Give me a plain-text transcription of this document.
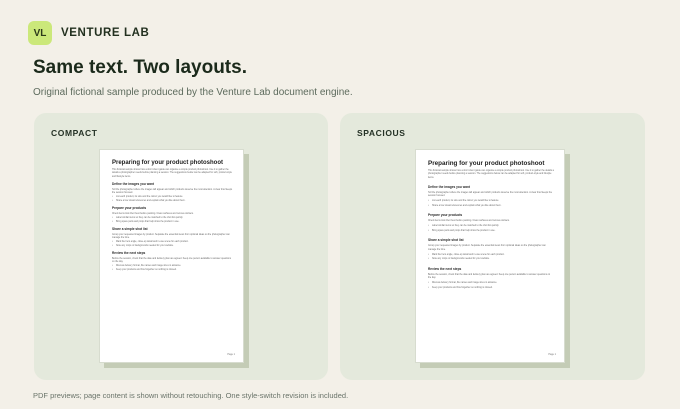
VL	VENTURE LAB
Same text. Two layouts.

Original fictional sample produced by the Venture Lab document engine.

COMPACT
Preparing for your product photoshoot
This fictional sample shows how a short client guide can organise a simple product photoshoot. Use it to gather the details a photographer needs before planning a session. The suggestions below can be adapted for soft, product-style and lifestyle items.
Define the images you want
Tell the photographer where the images will appear and which products deserve the most attention. A clear brief keeps the session focused.
• List each product, its size and the colour you would like to feature.
• Share a few visual references and explain what you like about them.
Prepare your products
Check items look their best before packing. Clean surfaces and remove stickers.
• Label similar items so they can be matched to the shot list quickly.
• Bring spare parts and props that help show the product in use.
Share a simple shot list
Group your requested images by product. Separate the essential views from optional ideas so the photographer can manage the time.
• Mark the hero angle, close-up detail and in-use scene for each product.
• Note any crops or backgrounds needed for your website.
Review the next steps
Before the session, check that the date and delivery plan are agreed. Keep one person available to answer questions on the day.
• Discuss delivery format, file names and image sizes in advance.
• Keep your products and brief together so nothing is missed.
Page 1
SPACIOUS
Preparing for your product photoshoot
This fictional sample shows how a short client guide can organise a simple product photoshoot. Use it to gather the details a photographer needs before planning a session. The suggestions below can be adapted for soft, product-style and lifestyle items.
Define the images you want
Tell the photographer where the images will appear and which products deserve the most attention. A clear brief keeps the session focused.
• List each product, its size and the colour you would like to feature.
• Share a few visual references and explain what you like about them.
Prepare your products
Check items look their best before packing. Clean surfaces and remove stickers.
• Label similar items so they can be matched to the shot list quickly.
• Bring spare parts and props that help show the product in use.
Share a simple shot list
Group your requested images by product. Separate the essential views from optional ideas so the photographer can manage the time.
• Mark the hero angle, close-up detail and in-use scene for each product.
• Note any crops or backgrounds needed for your website.
Review the next steps
Before the session, check that the date and delivery plan are agreed. Keep one person available to answer questions on the day.
• Discuss delivery format, file names and image sizes in advance.
• Keep your products and brief together so nothing is missed.
Page 1

PDF previews; page content is shown without retouching. One style-switch revision is included.
